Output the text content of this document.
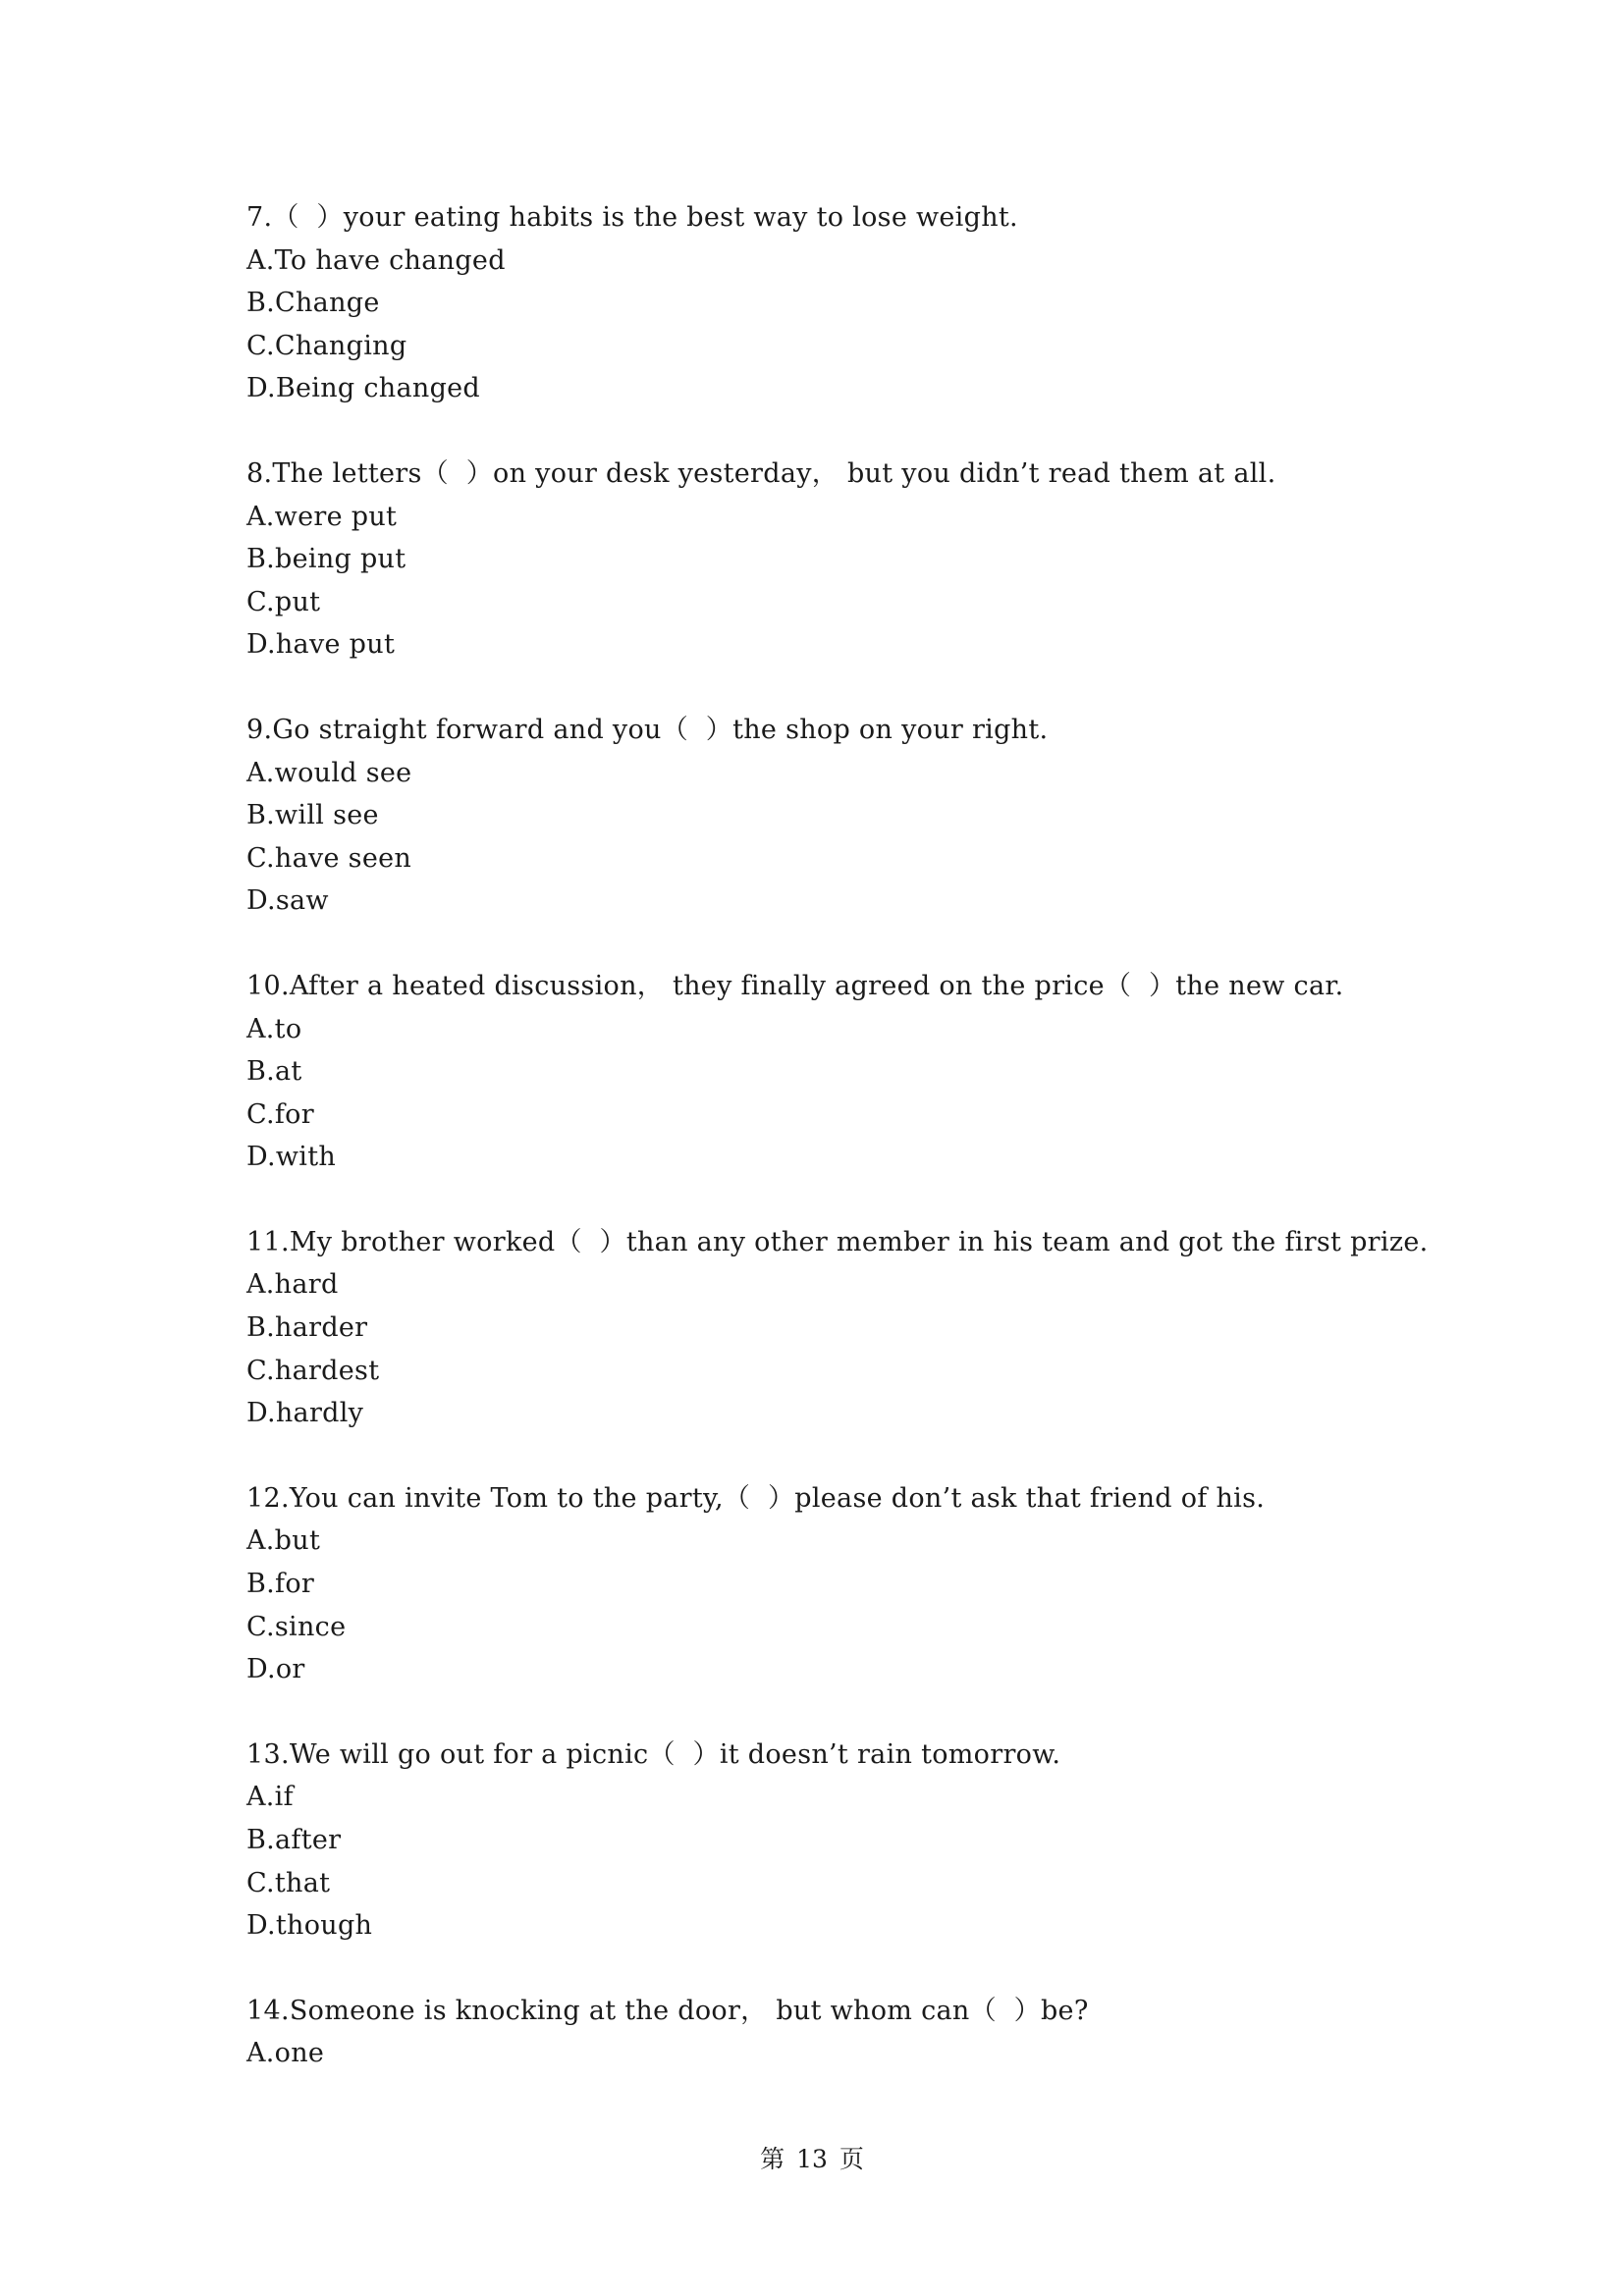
7.（  ）your eating habits is the best way to lose weight.
A.To have changed
B.Change
C.Changing
D.Being changed
8.The letters（  ）on your desk yesterday， but you didn’t read them at all.
A.were put
B.being put
C.put
D.have put
9.Go straight forward and you（  ）the shop on your right.
A.would see
B.will see
C.have seen
D.saw
10.After a heated discussion， they finally agreed on the price（  ）the new car.
A.to
B.at
C.for
D.with
11.My brother worked（  ）than any other member in his team and got the first prize.
A.hard
B.harder
C.hardest
D.hardly
12.You can invite Tom to the party,（  ）please don’t ask that friend of his.
A.but
B.for
C.since
D.or
13.We will go out for a picnic（  ）it doesn’t rain tomorrow.
A.if
B.after
C.that
D.though
14.Someone is knocking at the door， but whom can（  ）be?
A.one
第 13 页
